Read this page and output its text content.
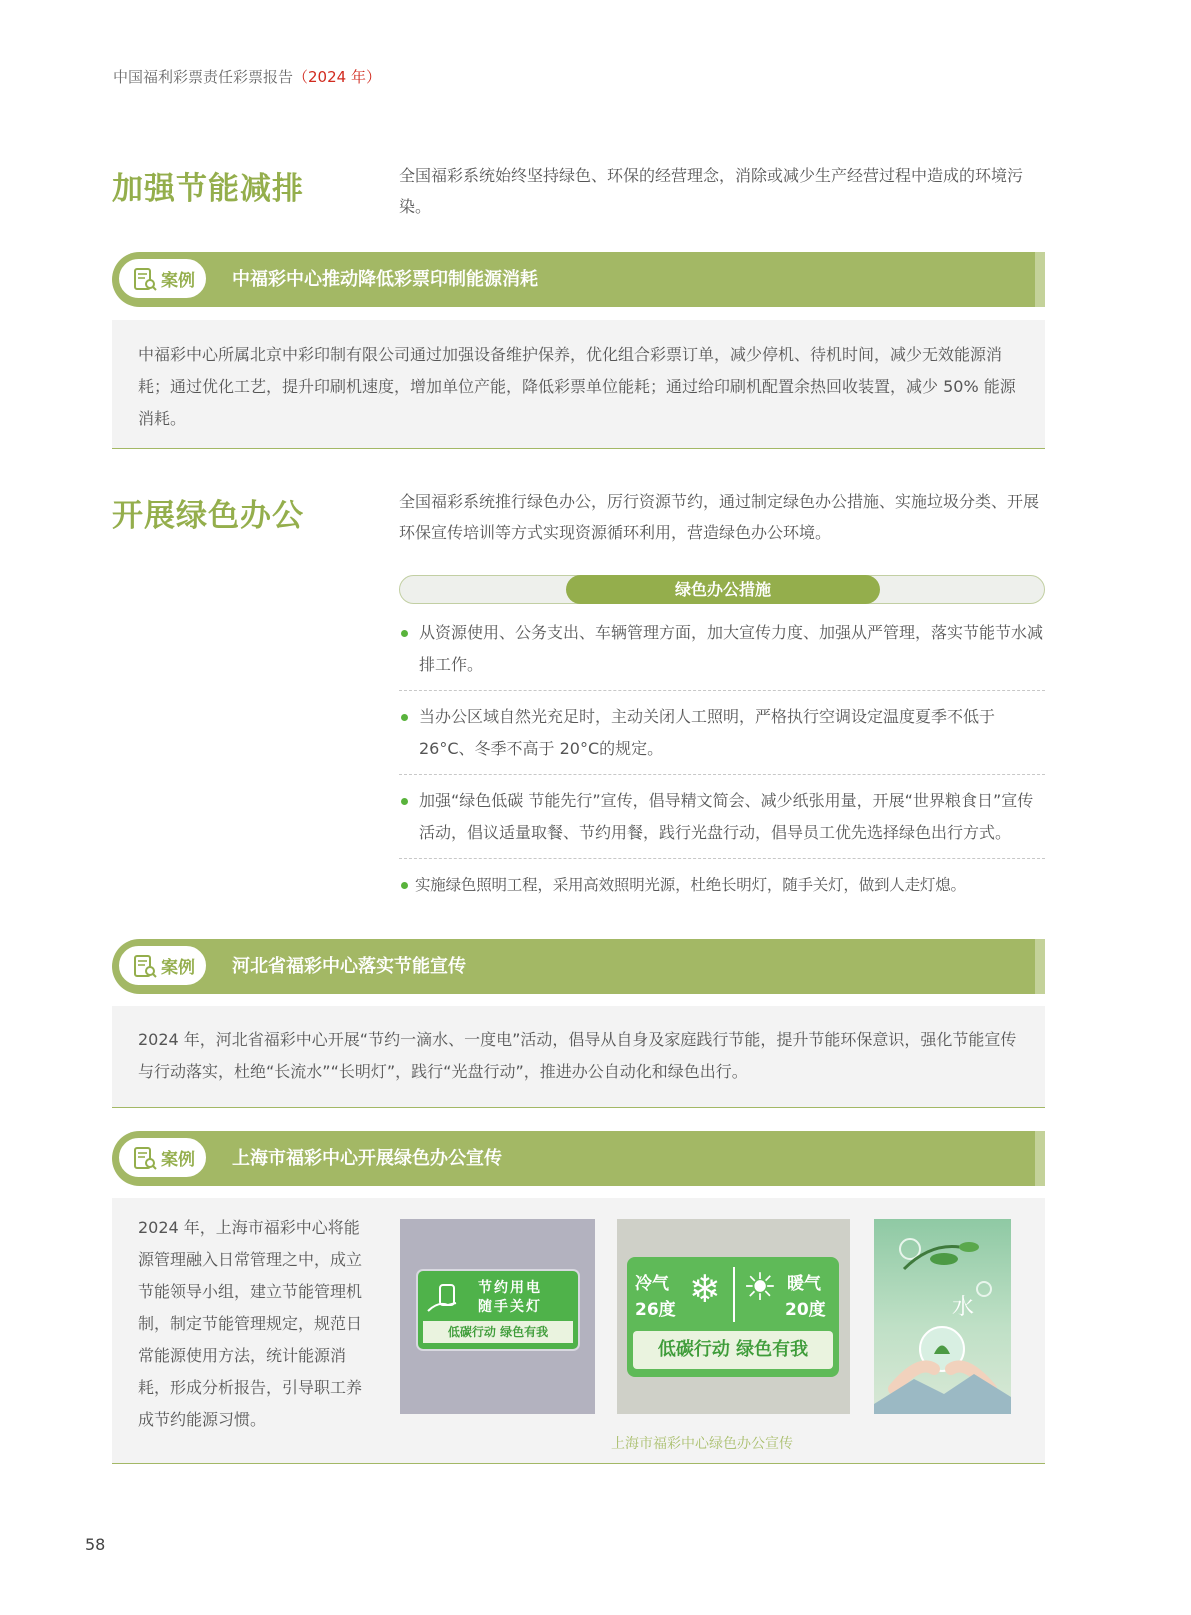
中国福利彩票责任彩票报告（2024 年）
加强节能减排	全国福彩系统始终坚持绿色、环保的经营理念，消除或减少生产经营过程中造成的环境污染。
案例 中福彩中心推动降低彩票印制能源消耗
中福彩中心所属北京中彩印制有限公司通过加强设备维护保养，优化组合彩票订单，减少停机、待机时间，减少无效能源消耗；通过优化工艺，提升印刷机速度，增加单位产能，降低彩票单位能耗；通过给印刷机配置余热回收装置，减少 50% 能源消耗。
开展绿色办公	全国福彩系统推行绿色办公，厉行资源节约，通过制定绿色办公措施、实施垃圾分类、开展环保宣传培训等方式实现资源循环利用，营造绿色办公环境。
绿色办公措施
从资源使用、公务支出、车辆管理方面，加大宣传力度、加强从严管理，落实节能节水减排工作。
当办公区域自然光充足时，主动关闭人工照明，严格执行空调设定温度夏季不低于 26°C、冬季不高于 20°C的规定。
加强“绿色低碳 节能先行”宣传，倡导精文简会、减少纸张用量，开展“世界粮食日”宣传活动，倡议适量取餐、节约用餐，践行光盘行动，倡导员工优先选择绿色出行方式。
实施绿色照明工程，采用高效照明光源，杜绝长明灯，随手关灯，做到人走灯熄。
案例 河北省福彩中心落实节能宣传
2024 年，河北省福彩中心开展“节约一滴水、一度电”活动，倡导从自身及家庭践行节能，提升节能环保意识，强化节能宣传与行动落实，杜绝“长流水”“长明灯”，践行“光盘行动”，推进办公自动化和绿色出行。
案例 上海市福彩中心开展绿色办公宣传
2024 年，上海市福彩中心将能源管理融入日常管理之中，成立节能领导小组，建立节能管理机制，制定节能管理规定，规范日常能源使用方法，统计能源消耗，形成分析报告，引导职工养成节约能源习惯。
节约用电
随手关灯
低碳行动 绿色有我
冷气
26度 ❄ ☀ 暖气
20度
低碳行动 绿色有我
水
上海市福彩中心绿色办公宣传
58
